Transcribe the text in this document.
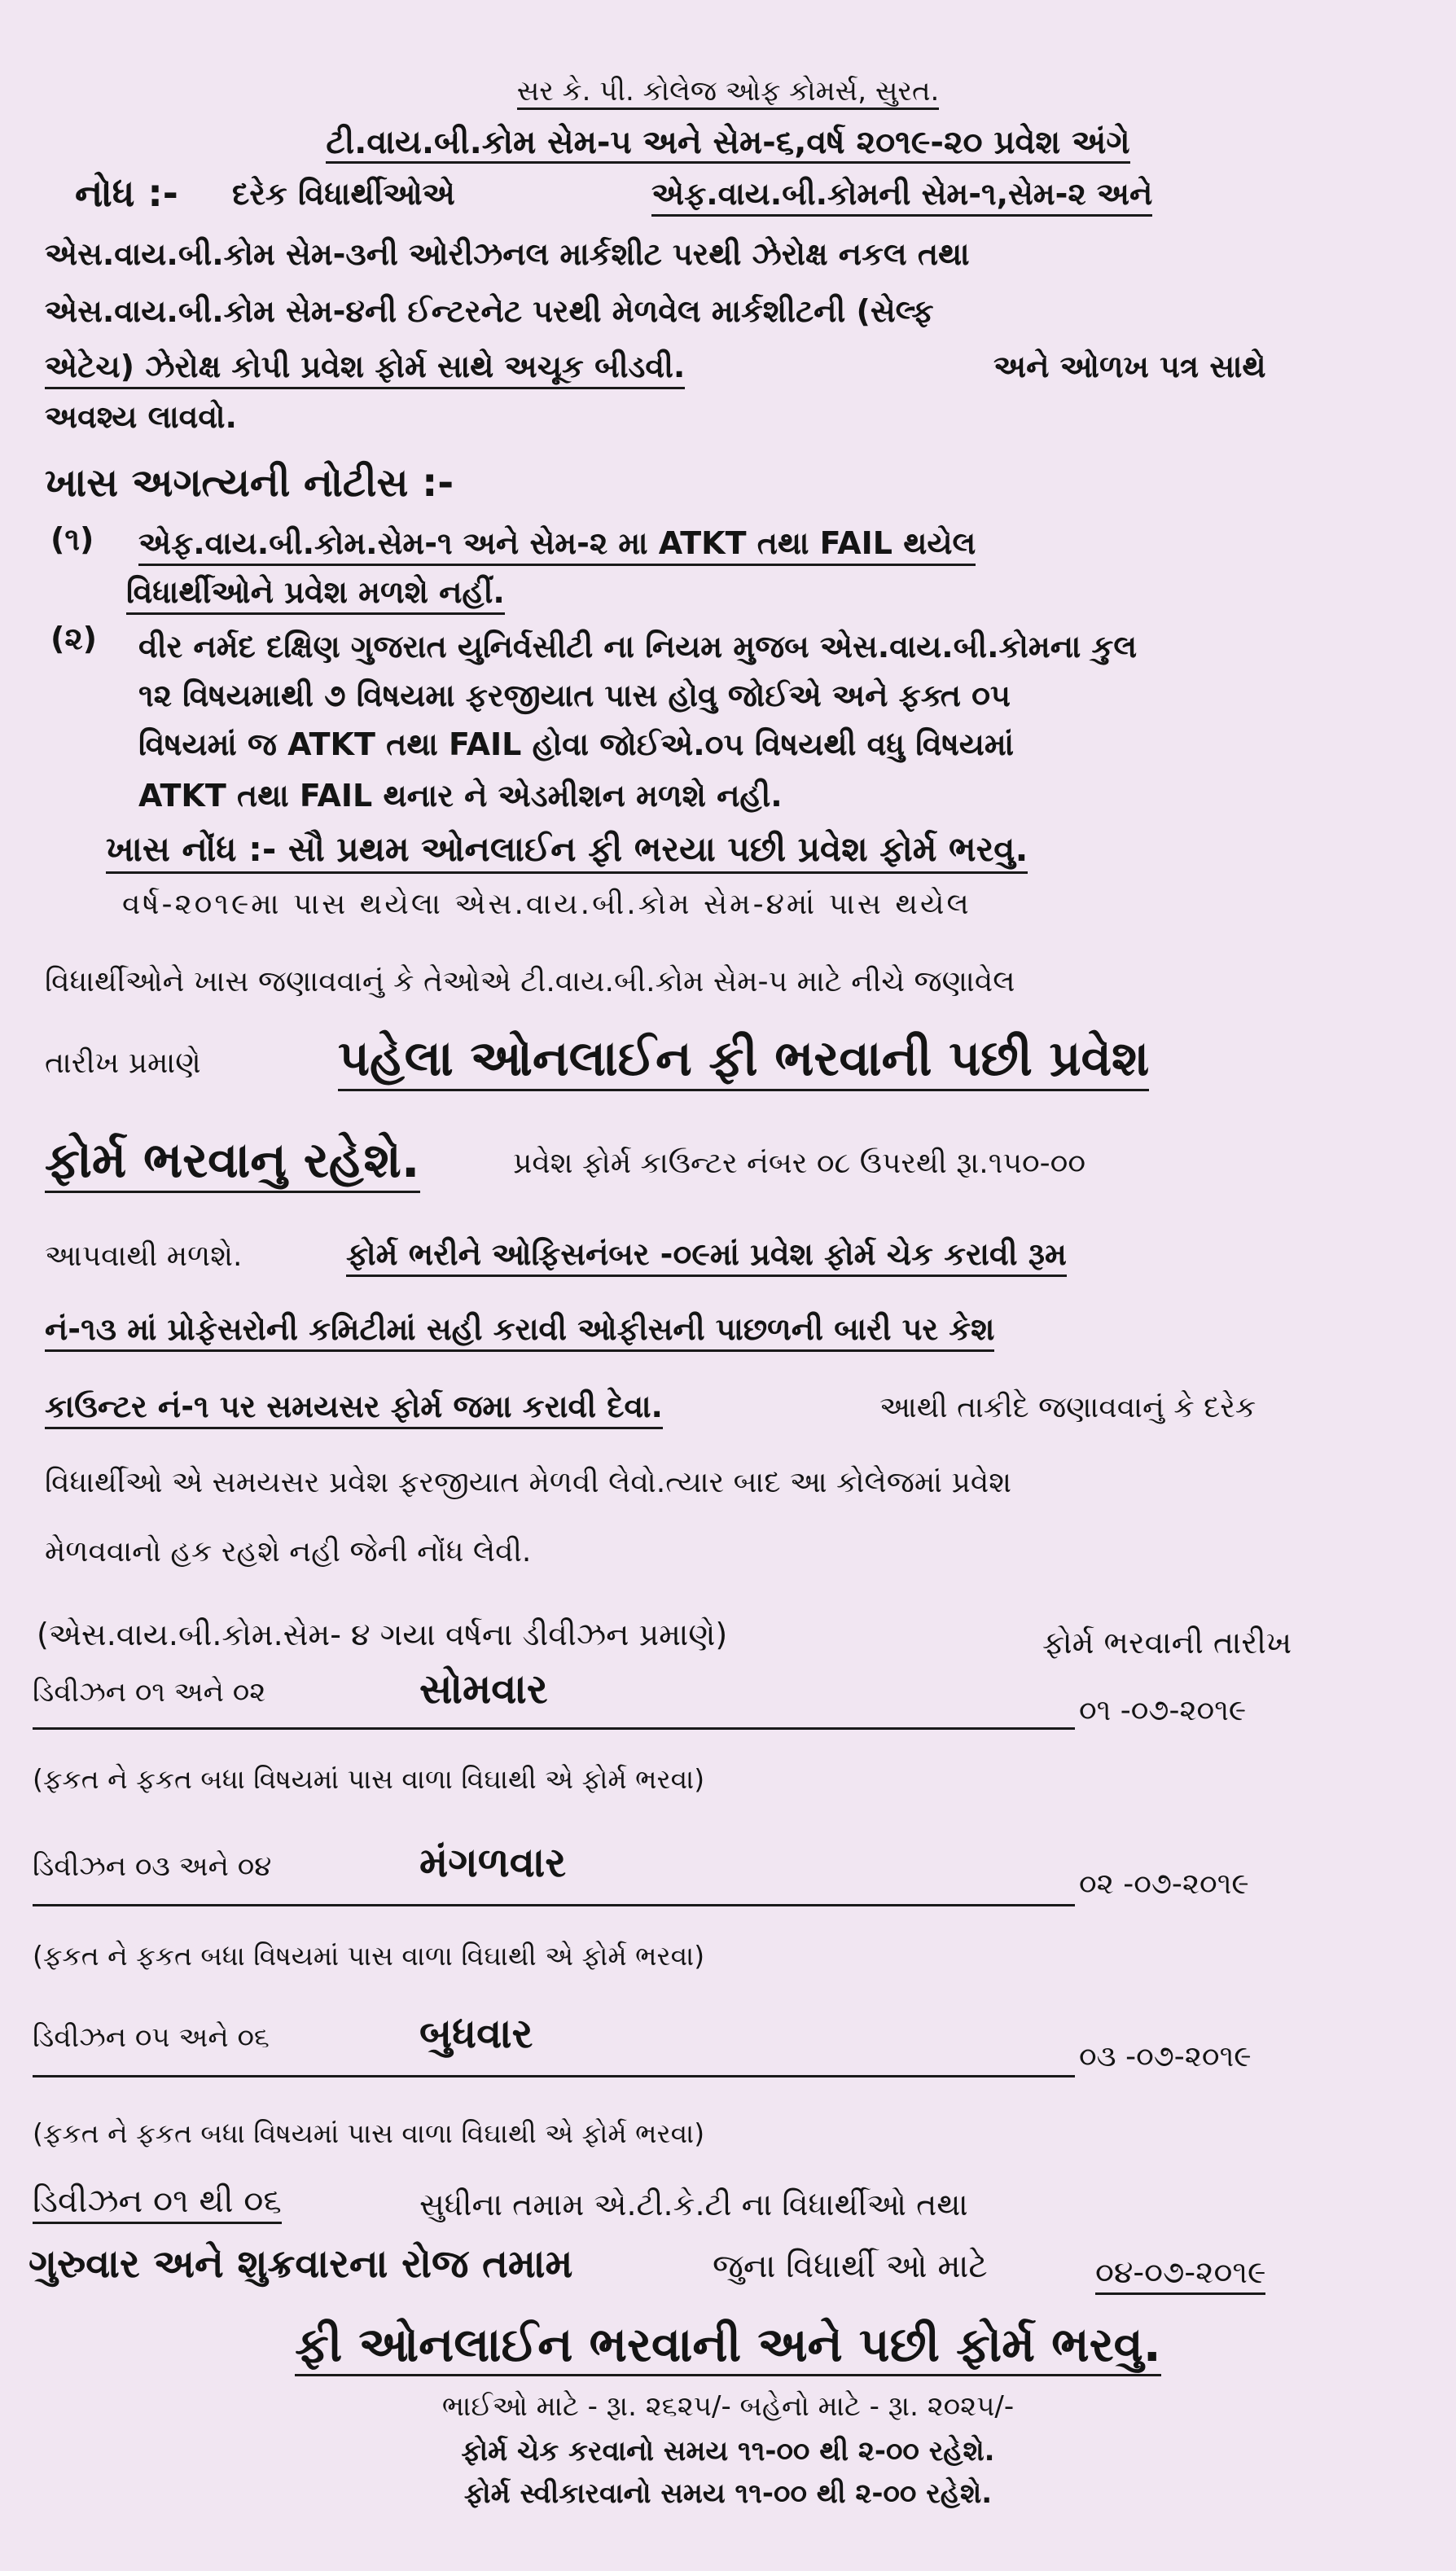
સર કે. પી. કોલેજ ઓફ કોમર્સ, સુરત.

ટી.વાય.બી.કોમ સેમ-૫ અને સેમ-૬,વર્ષ ૨૦૧૯-૨૦ પ્રવેશ અંગે

નોધ :- દરેક વિધાર્થીઓએ	એફ.વાય.બી.કોમની સેમ-૧,સેમ-૨ અને

એસ.વાય.બી.કોમ સેમ-૩ની ઓરીઝનલ માર્કશીટ પરથી ઝેરોક્ષ નકલ તથા

એસ.વાય.બી.કોમ સેમ-૪ની ઈન્ટરનેટ પરથી મેળવેલ માર્કશીટની (સેલ્ફ

એટેચ) ઝેરોક્ષ કોપી પ્રવેશ ફોર્મ સાથે અચૂક બીડવી.	અને ઓળખ પત્ર સાથે

અવશ્ય લાવવો.

ખાસ અગત્યની નોટીસ :-

(૧) એફ.વાય.બી.કોમ.સેમ-૧ અને સેમ-૨ મા ATKT તથા FAIL થયેલ

વિધાર્થીઓને પ્રવેશ મળશે નહીં.

(૨) વીર નર્મદ દક્ષિણ ગુજરાત યુનિર્વસીટી ના નિયમ મુજબ એસ.વાય.બી.કોમના કુલ

૧૨ વિષયમાથી ૭ વિષયમા ફરજીયાત પાસ હોવુ જોઈએ અને ફક્ત ૦૫

વિષયમાં જ ATKT તથા FAIL હોવા જોઈએ.૦૫ વિષયથી વધુ વિષયમાં

ATKT તથા FAIL થનાર ને એડમીશન મળશે નહી.

ખાસ નોંધ :- સૌ પ્રથમ ઓનલાઈન ફી ભરયા પછી પ્રવેશ ફોર્મ ભરવુ.

વર્ષ-૨૦૧૯મા પાસ થયેલા એસ.વાય.બી.કોમ સેમ-૪માં પાસ થયેલ

વિધાર્થીઓને ખાસ જણાવવાનું કે તેઓએ ટી.વાય.બી.કોમ સેમ-૫ માટે નીચે જણાવેલ

તારીખ પ્રમાણે	પહેલા ઓનલાઈન ફી ભરવાની પછી પ્રવેશ

ફોર્મ ભરવાનુ રહેશે.	પ્રવેશ ફોર્મ કાઉન્ટર નંબર ૦૮ ઉપરથી રૂા.૧૫૦-૦૦

આપવાથી મળશે.	ફોર્મ ભરીને ઓફિસનંબર -૦૯માં પ્રવેશ ફોર્મ ચેક કરાવી રૂમ

નં-૧૩ માં પ્રોફેસરોની કમિટીમાં સહી કરાવી ઓફીસની પાછળની બારી પર કેશ

કાઉન્ટર નં-૧ પર સમયસર ફોર્મ જમા કરાવી દેવા.	આથી તાકીદે જણાવવાનું કે દરેક

વિધાર્થીઓ એ સમયસર પ્રવેશ ફરજીયાત મેળવી લેવો.ત્યાર બાદ આ કોલેજમાં પ્રવેશ

મેળવવાનો હક રહશે નહી જેની નોંધ લેવી.

(એસ.વાય.બી.કોમ.સેમ- ૪ ગયા વર્ષના ડીવીઝન પ્રમાણે)	ફોર્મ ભરવાની તારીખ

ડિવીઝન ૦૧ અને ૦૨	સોમવાર	૦૧ -૦૭-૨૦૧૯

(ફકત ને ફકત બધા વિષયમાં પાસ વાળા વિઘાથી એ ફોર્મ ભરવા)

ડિવીઝન ૦૩ અને ૦૪	મંગળવાર	૦૨ -૦૭-૨૦૧૯

(ફકત ને ફકત બધા વિષયમાં પાસ વાળા વિઘાથી એ ફોર્મ ભરવા)

ડિવીઝન ૦૫ અને ૦૬	બુધવાર	૦૩ -૦૭-૨૦૧૯

(ફકત ને ફકત બધા વિષયમાં પાસ વાળા વિઘાથી એ ફોર્મ ભરવા)

ડિવીઝન ૦૧ થી ૦૬	સુધીના તમામ એ.ટી.કે.ટી ના વિધાર્થીઓ તથા

ગુરુવાર અને શુક્રવારના રોજ તમામ	જુના વિધાર્થી ઓ માટે	૦૪-૦૭-૨૦૧૯

ફી ઓનલાઈન ભરવાની અને પછી ફોર્મ ભરવુ.

ભાઈઓ માટે - રૂા. ૨૬૨૫/- બહેનો માટે - રૂા. ૨૦૨૫/-

ફોર્મ ચેક કરવાનો સમય ૧૧-૦૦ થી ૨-૦૦ રહેશે.

ફોર્મ સ્વીકારવાનો સમય ૧૧-૦૦ થી ૨-૦૦ રહેશે.
